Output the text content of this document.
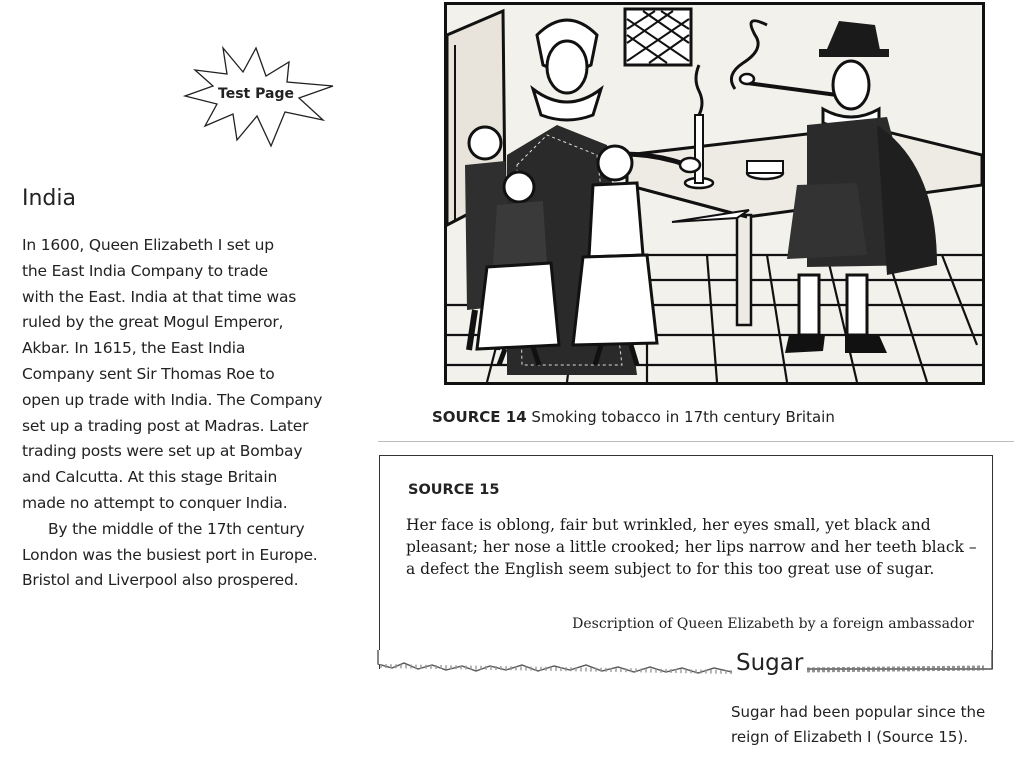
Test Page
India
In 1600, Queen Elizabeth I set up
the East India Company to trade
with the East. India at that time was
ruled by the great Mogul Emperor,
Akbar. In 1615, the East India
Company sent Sir Thomas Roe to
open up trade with India. The Company
set up a trading post at Madras. Later
trading posts were set up at Bombay
and Calcutta. At this stage Britain
made no attempt to conquer India.
By the middle of the 17th century
London was the busiest port in Europe.
Bristol and Liverpool also prospered.
SOURCE 14 Smoking tobacco in 17th century Britain
SOURCE 15
Her face is oblong, fair but wrinkled, her eyes small, yet black and pleasant; her nose a little crooked; her lips narrow and her teeth black – a defect the English seem subject to for this too great use of sugar.
Description of Queen Elizabeth by a foreign ambassador
Sugar
Sugar had been popular since the
reign of Elizabeth I (Source 15).
